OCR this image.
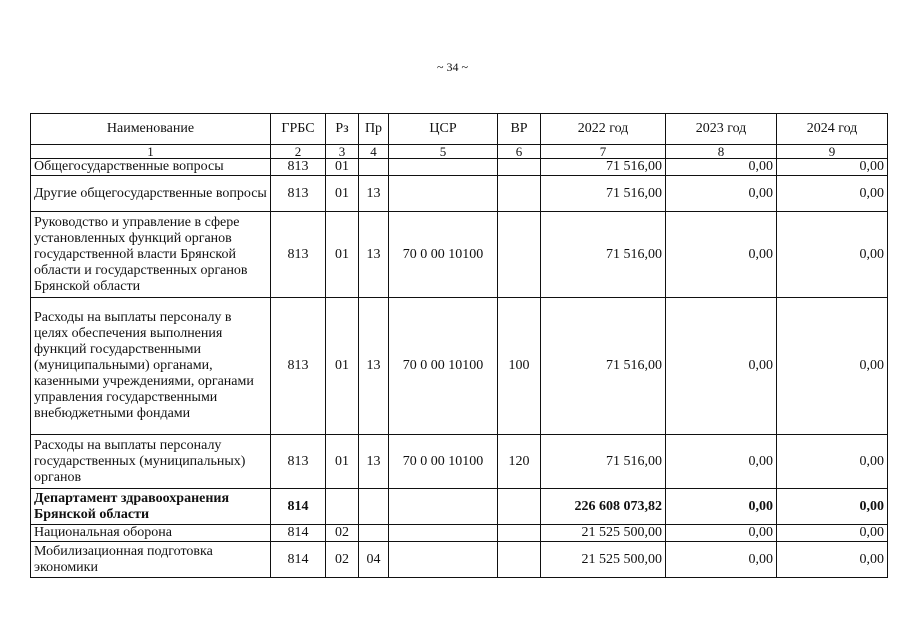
~ 34 ~
Наименование	ГРБС	Рз	Пр	ЦСР	ВР	2022 год	2023 год	2024 год
1	2	3	4	5	6	7	8	9
Общегосударственные вопросы	813	01				71 516,00	0,00	0,00
Другие общегосударственные вопросы	813	01	13			71 516,00	0,00	0,00
Руководство и управление в сфере установленных функций органов государственной власти Брянской области и государственных органов Брянской области	813	01	13	70 0 00 10100		71 516,00	0,00	0,00
Расходы на выплаты персоналу в целях обеспечения выполнения функций государственными (муниципальными) органами, казенными учреждениями, органами управления государственными внебюджетными фондами	813	01	13	70 0 00 10100	100	71 516,00	0,00	0,00
Расходы на выплаты персоналу государственных (муниципальных) органов	813	01	13	70 0 00 10100	120	71 516,00	0,00	0,00
Департамент здравоохранения Брянской области	814					226 608 073,82	0,00	0,00
Национальная оборона	814	02				21 525 500,00	0,00	0,00
Мобилизационная подготовка экономики	814	02	04			21 525 500,00	0,00	0,00
